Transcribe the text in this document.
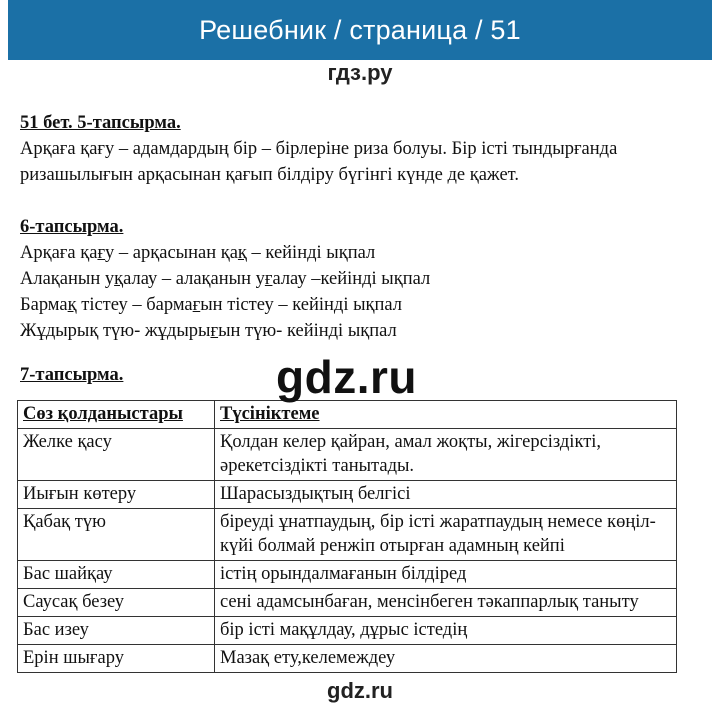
Решебник / страница / 51
гдз.ру
51 бет. 5-тапсырма.
Арқаға қағу – адамдардың бір – бірлеріне риза болуы. Бір істі тындырғанда
ризашылығын арқасынан қағып білдіру бүгінгі күнде де қажет.
6-тапсырма.
Арқаға қағу – арқасынан қақ – кейінді ықпал
Алақанын уқалау – алақанын уғалау –кейінді ықпал
Бармақ тістеу – бармағын тістеу – кейінді ықпал
Жұдырық түю- жұдырығын түю- кейінді ықпал
7-тапсырма.	gdz.ru
Сөз қолданыстары	Түсініктеме
Желке қасу	Қолдан келер қайран, амал жоқты, жігерсіздікті, әрекетсіздікті танытады.
Иығын көтеру	Шарасыздықтың белгісі
Қабақ түю	біреуді ұнатпаудың, бір істі жаратпаудың немесе көңіл- күйі болмай ренжіп отырған адамның кейпі
Бас шайқау	істің орындалмағанын білдіред
Саусақ безеу	сені адамсынбаған, менсінбеген тәкаппарлық таныту
Бас изеу	бір істі мақұлдау, дұрыс істедің
Ерін шығару	Мазақ ету,келемеждеу
gdz.ru
